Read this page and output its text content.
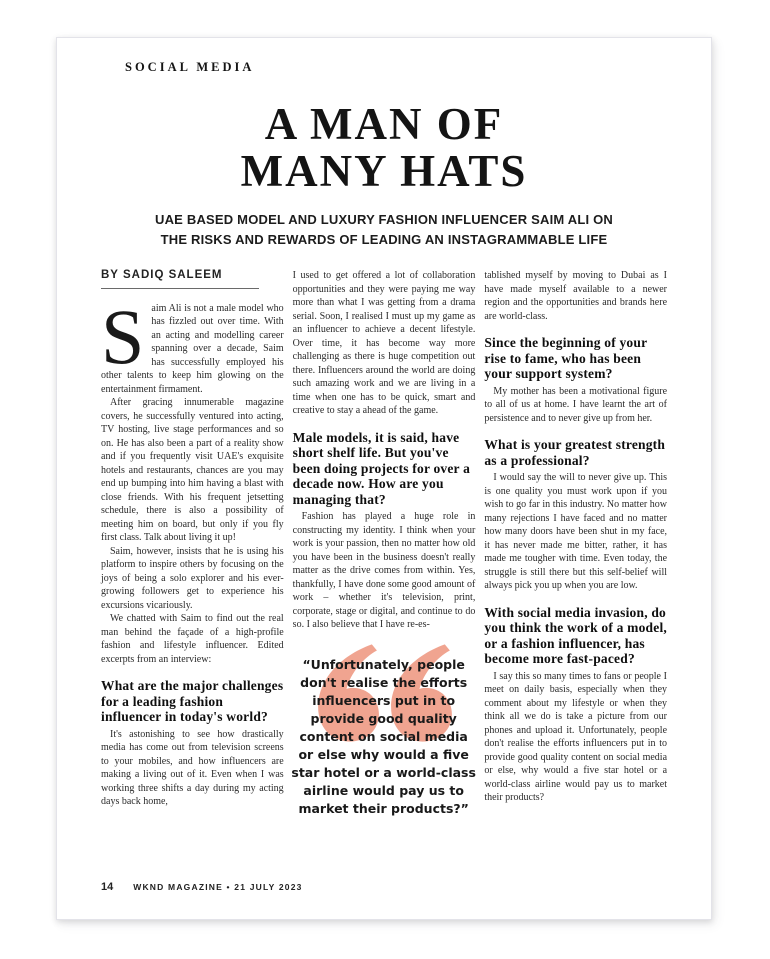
SOCIAL MEDIA
A MAN OF
MANY HATS
UAE BASED MODEL AND LUXURY FASHION INFLUENCER SAIM ALI ON
THE RISKS AND REWARDS OF LEADING AN INSTAGRAMMABLE LIFE
BY SADIQ SALEEM

Saim Ali is not a male model who has fizzled out over time. With an acting and modelling career spanning over a decade, Saim has successfully employed his other talents to keep him glowing on the entertainment firmament.

After gracing innumerable magazine covers, he successfully ventured into acting, TV hosting, live stage performances and so on. He has also been a part of a reality show and if you frequently visit UAE's exquisite hotels and restaurants, chances are you may end up bumping into him having a blast with close friends. With his frequent jetsetting schedule, there is also a possibility of meeting him on board, but only if you fly first class. Talk about living it up!

Saim, however, insists that he is using his platform to inspire others by focusing on the joys of being a solo explorer and his ever-growing followers get to experience his excursions vicariously.

We chatted with Saim to find out the real man behind the façade of a high-profile fashion and lifestyle influencer. Edited excerpts from an interview:

What are the major challenges for a leading fashion influencer in today's world?

It's astonishing to see how drastically media has come out from television screens to your mobiles, and how influencers are making a living out of it. Even when I was working three shifts a day during my acting days back home,

I used to get offered a lot of collaboration opportunities and they were paying me way more than what I was getting from a drama serial. Soon, I realised I must up my game as an influencer to achieve a decent lifestyle. Over time, it has become way more challenging as there is huge competition out there. Influencers around the world are doing such amazing work and we are living in a time when one has to be quick, smart and creative to stay a ahead of the game.

Male models, it is said, have short shelf life. But you've been doing projects for over a decade now. How are you managing that?

Fashion has played a huge role in constructing my identity. I think when your work is your passion, then no matter how old you have been in the business doesn't really matter as the drive comes from within. Yes, thankfully, I have done some good amount of work – whether it's television, print, corporate, stage or digital, and continue to do so. I also believe that I have re-es-

“Unfortunately, people
don't realise the efforts
influencers put in to
provide good quality
content on social media
or else why would a five
star hotel or a world-class
airline would pay us to
market their products?”

tablished myself by moving to Dubai as I have made myself available to a newer region and the opportunities and brands here are world-class.

Since the beginning of your rise to fame, who has been your support system?

My mother has been a motivational figure to all of us at home. I have learnt the art of persistence and to never give up from her.

What is your greatest strength as a professional?

I would say the will to never give up. This is one quality you must work upon if you wish to go far in this industry. No matter how many rejections I have faced and no matter how many doors have been shut in my face, it has never made me bitter, rather, it has made me tougher with time. Even today, the struggle is still there but this self-belief will always pick you up when you are low.

With social media invasion, do you think the work of a model, or a fashion influencer, has become more fast-paced?

I say this so many times to fans or people I meet on daily basis, especially when they comment about my lifestyle or when they think all we do is take a picture from our phones and upload it. Unfortunately, people don't realise the efforts influencers put in to provide good quality content on social media or else, why would a five star hotel or a world-class airline would pay us to market their products?

14 WKND MAGAZINE • 21 JULY 2023
